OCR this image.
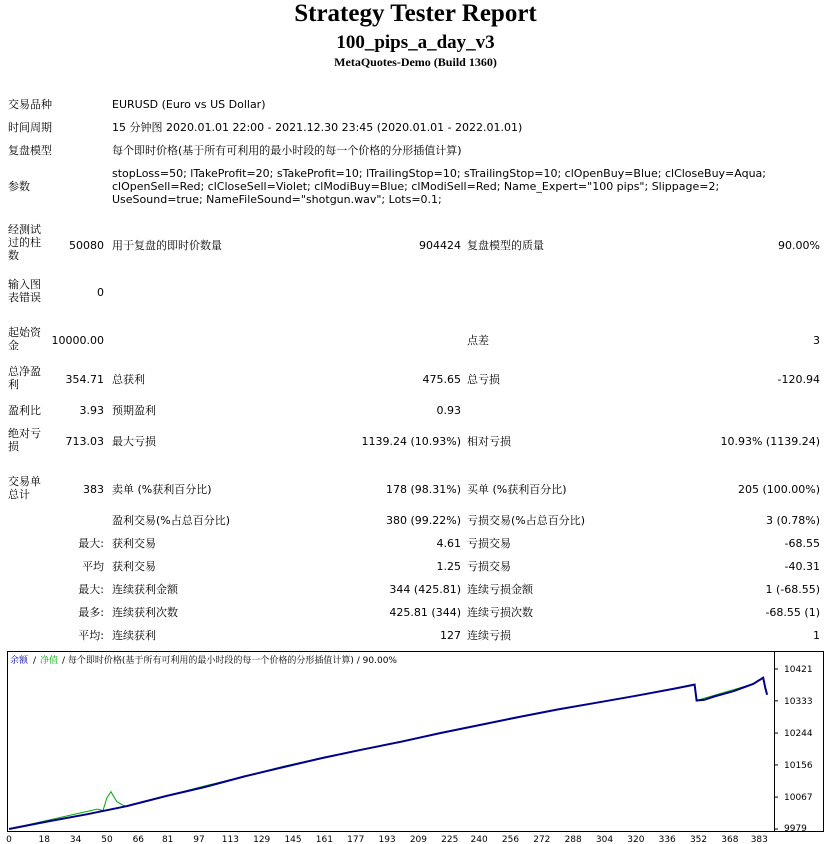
Strategy Tester Report
100_pips_a_day_v3
MetaQuotes-Demo (Build 1360)
交易品种	EURUSD (Euro vs US Dollar)
时间周期	15 分钟图 2020.01.01 22:00 - 2021.12.30 23:45 (2020.01.01 - 2022.01.01)
复盘模型	每个即时价格(基于所有可利用的最小时段的每一个价格的分形插值计算)
参数
stopLoss=50; lTakeProfit=20; sTakeProfit=10; lTrailingStop=10; sTrailingStop=10; clOpenBuy=Blue; clCloseBuy=Aqua; clOpenSell=Red; clCloseSell=Violet; clModiBuy=Blue; clModiSell=Red; Name_Expert="100 pips"; Slippage=2; UseSound=true; NameFileSound="shotgun.wav"; Lots=0.1;
经测试过的柱数
50080 用于复盘的即时价数量	904424 复盘模型的质量	90.00%
输入图表错误	0
起始资金	10000.00	点差	3
总净盈利	354.71 总获利	475.65 总亏损	-120.94
盈利比	3.93 预期盈利	0.93
绝对亏损	713.03 最大亏损	1139.24 (10.93%) 相对亏损	10.93% (1139.24)
交易单总计	383 卖单 (%获利百分比)	178 (98.31%) 买单 (%获利百分比)	205 (100.00%)
盈利交易(%占总百分比)	380 (99.22%) 亏损交易(%占总百分比)	3 (0.78%)
最大: 获利交易	4.61 亏损交易	-68.55
平均 获利交易	1.25 亏损交易	-40.31
最大: 连续获利金额	344 (425.81) 连续亏损金额	1 (-68.55)
最多: 连续获利次数	425.81 (344) 连续亏损次数	-68.55 (1)
平均: 连续获利	127 连续亏损	1
余额 / 净值 / 每个即时价格(基于所有可利用的最小时段的每一个价格的分形插值计算) / 90.00%
10421
10333
10244
10156
10067
9979
0	18 34 50 66 81 97 113 129 145 161 177 193 209 225 240 256 272 288 304 320 336 352 368 383
